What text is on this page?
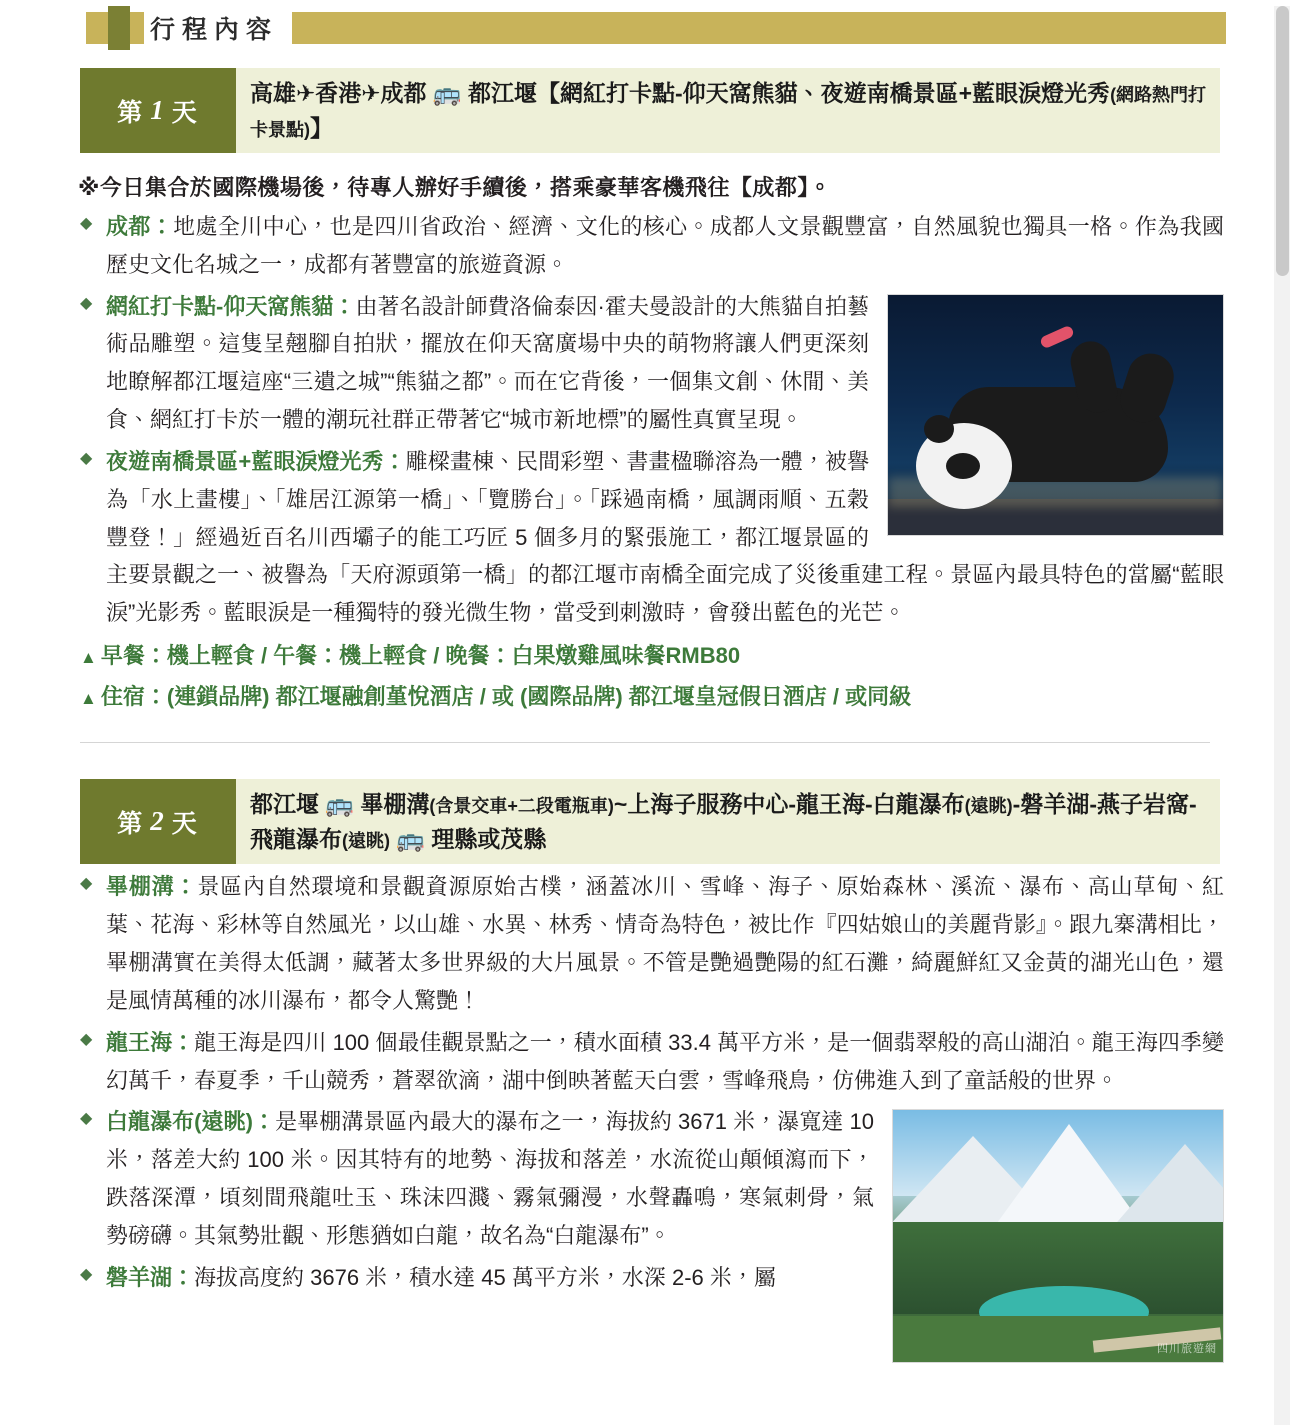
行程內容
第 1 天
高雄✈香港✈成都 🚌 都江堰【網紅打卡點-仰天窩熊貓、夜遊南橋景區+藍眼淚燈光秀(網路熱門打卡景點)】
※今日集合於國際機場後，待專人辦好手續後，搭乘豪華客機飛往【成都】。
◆ 成都：地處全川中心，也是四川省政治、經濟、文化的核心。成都人文景觀豐富，自然風貌也獨具一格。作為我國歷史文化名城之一，成都有著豐富的旅遊資源。
◆ 網紅打卡點-仰天窩熊貓：由著名設計師費洛倫泰因·霍夫曼設計的大熊貓自拍藝術品雕塑。這隻呈翹腳自拍狀，擺放在仰天窩廣場中央的萌物將讓人們更深刻地瞭解都江堰這座“三遺之城”“熊貓之都”。而在它背後，一個集文創、休閒、美食、網紅打卡於一體的潮玩社群正帶著它“城市新地標”的屬性真實呈現。
◆ 夜遊南橋景區+藍眼淚燈光秀：雕樑畫棟、民間彩塑、書畫楹聯溶為一體，被譽為「水上畫樓」、「雄居江源第一橋」、「覽勝台」。「踩過南橋，風調雨順、五穀豐登！」經過近百名川西壩子的能工巧匠 5 個多月的緊張施工，都江堰景區的主要景觀之一、被譽為「天府源頭第一橋」的都江堰市南橋全面完成了災後重建工程。景區內最具特色的當屬“藍眼淚”光影秀。藍眼淚是一種獨特的發光微生物，當受到刺激時，會發出藍色的光芒。
▲ 早餐：機上輕食 / 午餐：機上輕食 / 晚餐：白果燉雞風味餐RMB80
▲ 住宿：(連鎖品牌) 都江堰融創堇悅酒店 / 或 (國際品牌) 都江堰皇冠假日酒店 / 或同級
第 2 天
都江堰 🚌 畢棚溝(含景交車+二段電瓶車)~上海子服務中心-龍王海-白龍瀑布(遠眺)-磐羊湖-燕子岩窩-飛龍瀑布(遠眺) 🚌 理縣或茂縣
◆ 畢棚溝：景區內自然環境和景觀資源原始古樸，涵蓋冰川、雪峰、海子、原始森林、溪流、瀑布、高山草甸、紅葉、花海、彩林等自然風光，以山雄、水異、林秀、情奇為特色，被比作『四姑娘山的美麗背影』。跟九寨溝相比，畢棚溝實在美得太低調，藏著太多世界級的大片風景。不管是艷過艷陽的紅石灘，綺麗鮮紅又金黃的湖光山色，還是風情萬種的冰川瀑布，都令人驚艷！
◆ 龍王海：龍王海是四川 100 個最佳觀景點之一，積水面積 33.4 萬平方米，是一個翡翠般的高山湖泊。龍王海四季變幻萬千，春夏季，千山競秀，蒼翠欲滴，湖中倒映著藍天白雲，雪峰飛鳥，仿佛進入到了童話般的世界。
四川旅遊網
◆ 白龍瀑布(遠眺)：是畢棚溝景區內最大的瀑布之一，海拔約 3671 米，瀑寬達 10 米，落差大約 100 米。因其特有的地勢、海拔和落差，水流從山顛傾瀉而下，跌落深潭，頃刻間飛龍吐玉、珠沫四濺、霧氣彌漫，水聲轟鳴，寒氣刺骨，氣勢磅礴。其氣勢壯觀、形態猶如白龍，故名為“白龍瀑布”。
◆ 磐羊湖：海拔高度約 3676 米，積水達 45 萬平方米，水深 2-6 米，屬
